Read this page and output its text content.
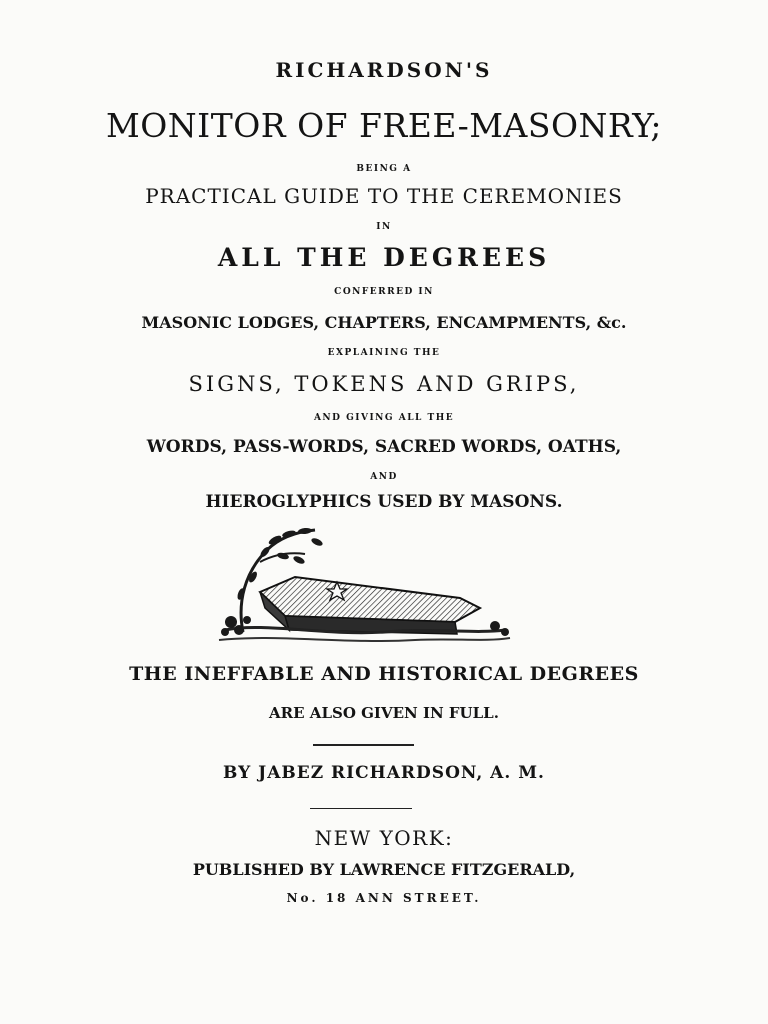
RICHARDSON'S
MONITOR OF FREE-MASONRY;
BEING A
PRACTICAL GUIDE TO THE CEREMONIES
IN
ALL THE DEGREES
CONFERRED IN
MASONIC LODGES, CHAPTERS, ENCAMPMENTS, &c.
EXPLAINING THE
SIGNS, TOKENS AND GRIPS,
AND GIVING ALL THE
WORDS, PASS-WORDS, SACRED WORDS, OATHS,
AND
HIEROGLYPHICS USED BY MASONS.
THE INEFFABLE AND HISTORICAL DEGREES
ARE ALSO GIVEN IN FULL.
BY JABEZ RICHARDSON, A. M.
NEW YORK:
PUBLISHED BY LAWRENCE FITZGERALD,
No. 18 ANN STREET.
